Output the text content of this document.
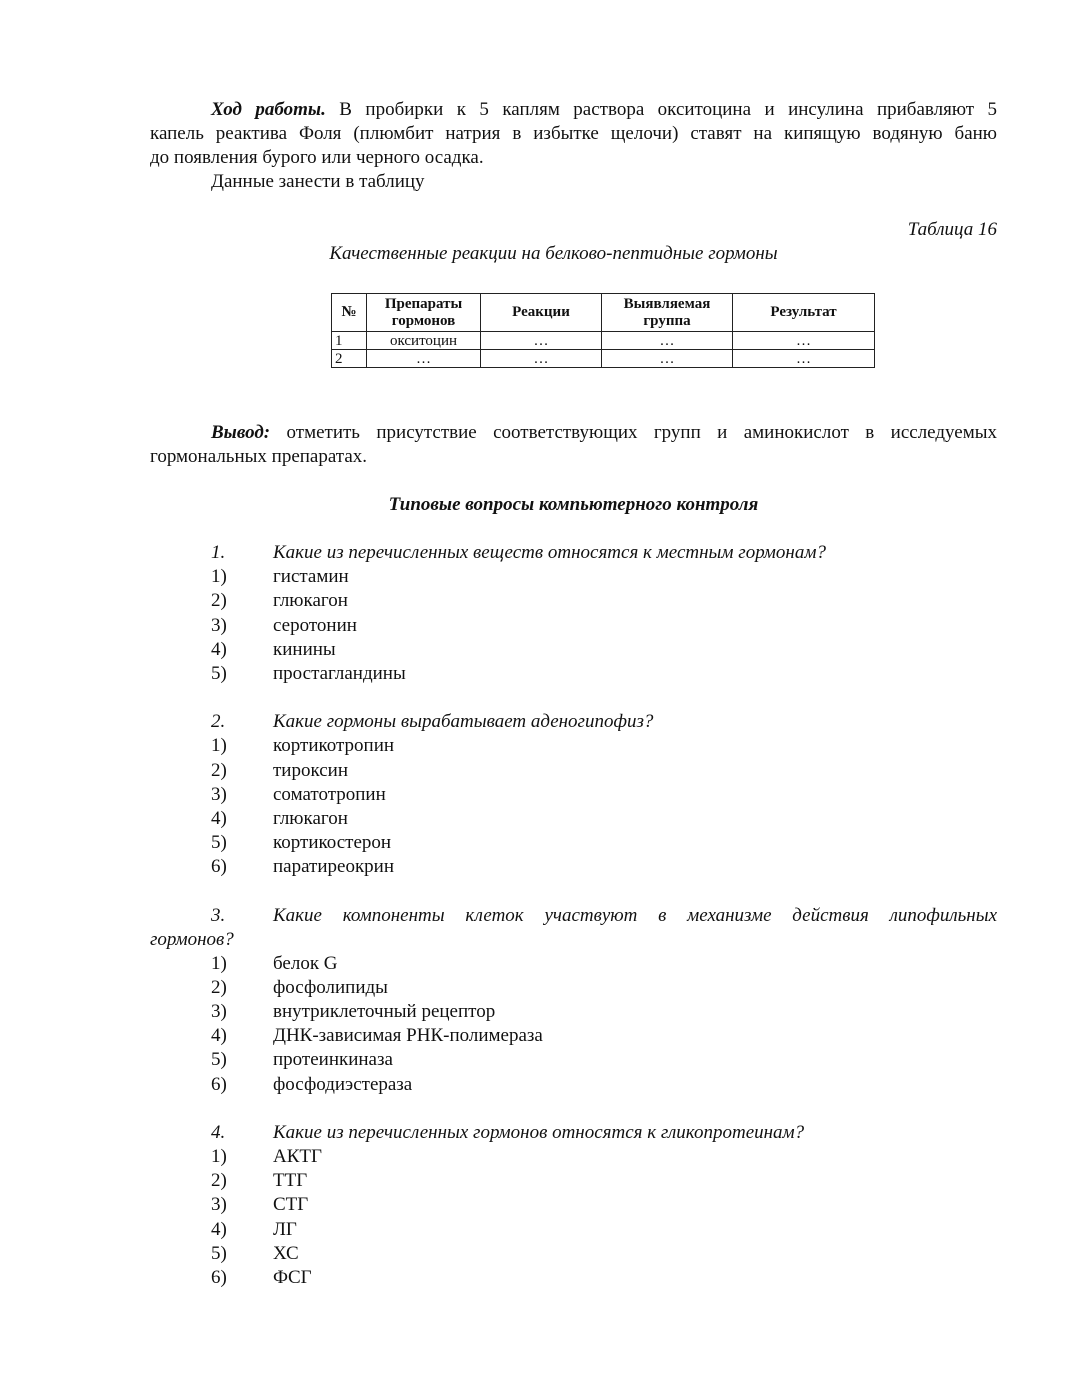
Ход работы. В пробирки к 5 каплям раствора окситоцина и инсулина прибавляют 5
капель реактива Фоля (плюмбит натрия в избытке щелочи) ставят на кипящую водяную баню
до появления бурого или черного осадка.
Данные занести в таблицу

Таблица 16
Качественные реакции на белково-пептидные гормоны
№	Препараты гормонов	Реакции	Выявляемая группа	Результат
1	окситоцин	…	…	…
2	…	…	…	…

Вывод: отметить присутствие соответствующих групп и аминокислот в исследуемых
гормональных препаратах.

Типовые вопросы компьютерного контроля
1.	Какие из перечисленных веществ относятся к местным гормонам?
1)	гистамин
2)	глюкагон
3)	серотонин
4)	кинины
5)	простагландины
2.	Какие гормоны вырабатывает аденогипофиз?
1)	кортикотропин
2)	тироксин
3)	соматотропин
4)	глюкагон
5)	кортикостерон
6)	паратиреокрин
3.	Какие компоненты клеток участвуют в механизме действия липофильных
гормонов?
1)	белок G
2)	фосфолипиды
3)	внутриклеточный рецептор
4)	ДНК-зависимая РНК-полимераза
5)	протеинкиназа
6)	фосфодиэстераза
4.	Какие из перечисленных гормонов относятся к гликопротеинам?
1)	АКТГ
2)	ТТГ
3)	СТГ
4)	ЛГ
5)	ХС
6)	ФСГ
